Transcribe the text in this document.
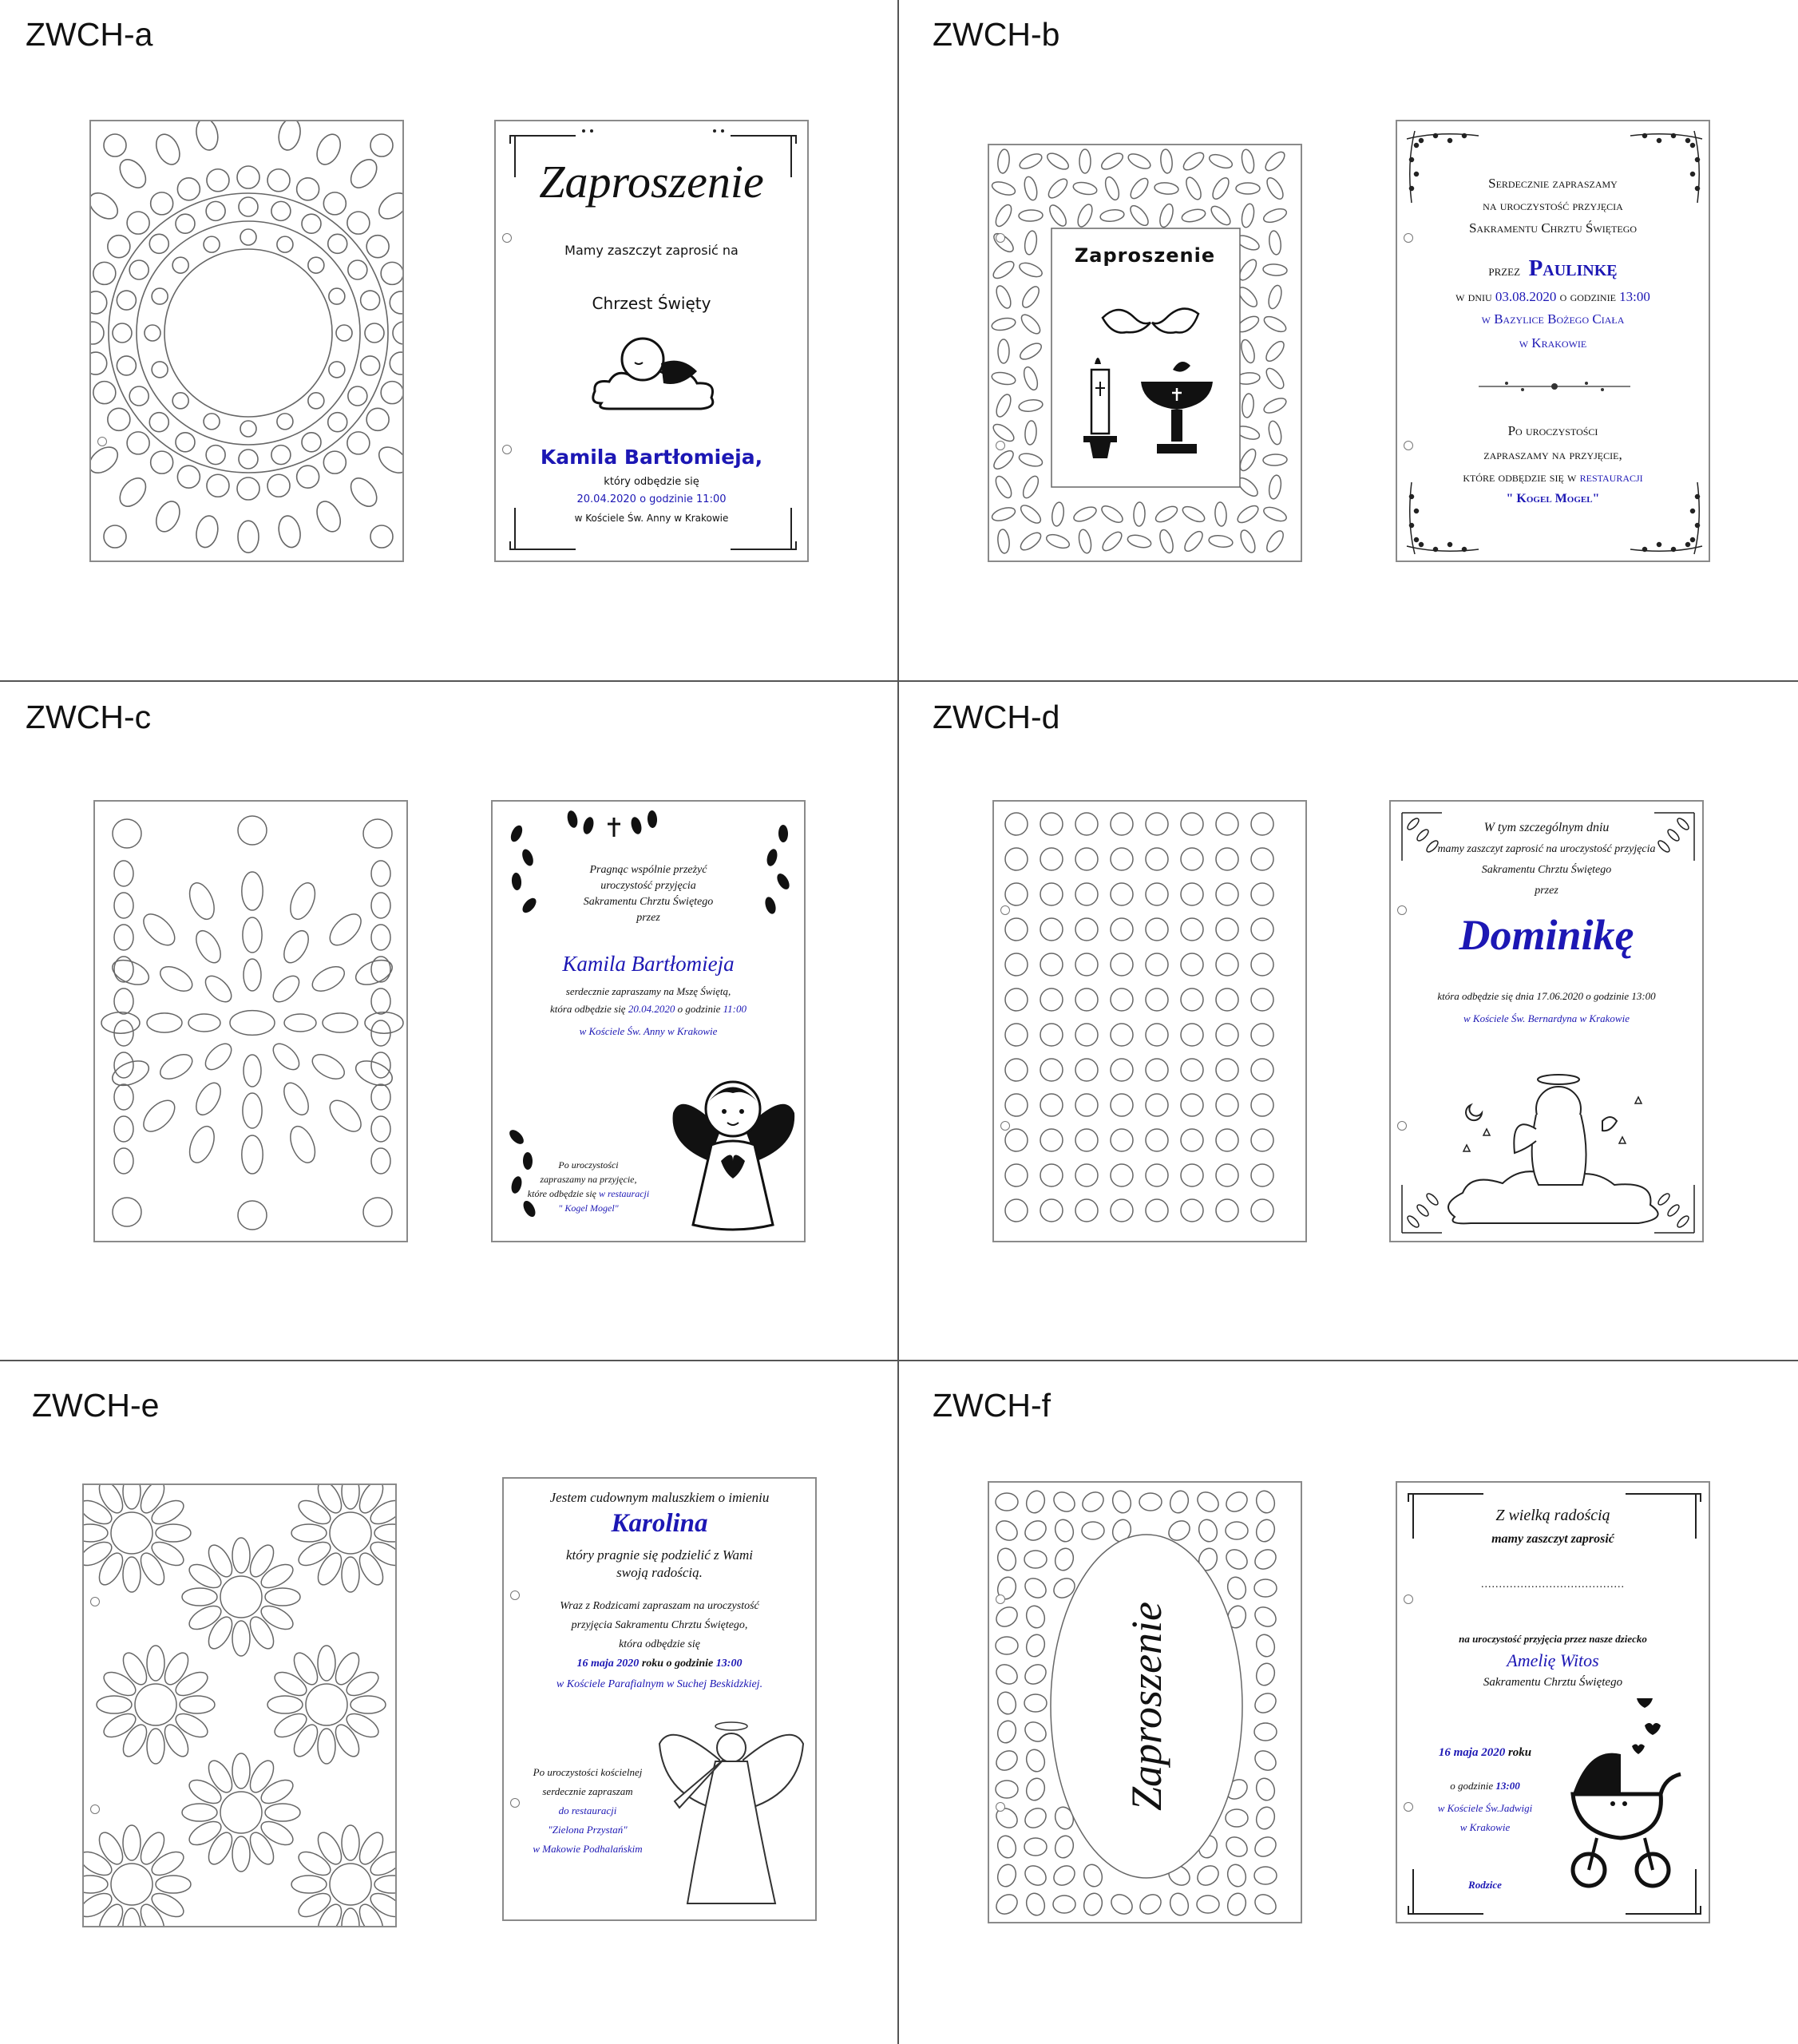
ZWCH-a
Zaproszenie
Mamy zaszczyt zaprosić na
Chrzest Święty
Kamila Bartłomieja,
który odbędzie się
20.04.2020 o godzinie 11:00
w Kościele Św. Anny w Krakowie
ZWCH-b
Zaproszenie
Serdecznie zapraszamy
na uroczystość przyjęcia
Sakramentu Chrztu Świętego
przez Paulinkę
w dniu 03.08.2020 o godzinie 13:00
w Bazylice Bożego Ciała
w Krakowie
Po uroczystości
zapraszamy na przyjęcie,
które odbędzie się w restauracji
" Kogel Mogel"
ZWCH-c
Pragnąc wspólnie przeżyć
uroczystość przyjęcia
Sakramentu Chrztu Świętego
przez
Kamila Bartłomieja
serdecznie zapraszamy na Mszę Świętą,
która odbędzie się 20.04.2020 o godzinie 11:00
w Kościele Św. Anny w Krakowie
Po uroczystości
zapraszamy na przyjęcie,
które odbędzie się w restauracji
" Kogel Mogel"
ZWCH-d
W tym szczególnym dniu
mamy zaszczyt zaprosić na uroczystość przyjęcia
Sakramentu Chrztu Świętego
przez
Dominikę
która odbędzie się dnia 17.06.2020 o godzinie 13:00
w Kościele Św. Bernardyna w Krakowie
ZWCH-e
Jestem cudownym maluszkiem o imieniu
Karolina
który pragnie się podzielić z Wami
swoją radością.
Wraz z Rodzicami zapraszam na uroczystość
przyjęcia Sakramentu Chrztu Świętego,
która odbędzie się
16 maja 2020 roku o godzinie 13:00
w Kościele Parafialnym w Suchej Beskidzkiej.
Po uroczystości kościelnej
serdecznie zapraszam
do restauracji
"Zielona Przystań"
w Makowie Podhalańskim
ZWCH-f
Zaproszenie
Z wielką radością
mamy zaszczyt zaprosić
........................................
na uroczystość przyjęcia przez nasze dziecko
Amelię Witos
Sakramentu Chrztu Świętego
16 maja 2020 roku
o godzinie 13:00
w Kościele Św.Jadwigi
w Krakowie
Rodzice
